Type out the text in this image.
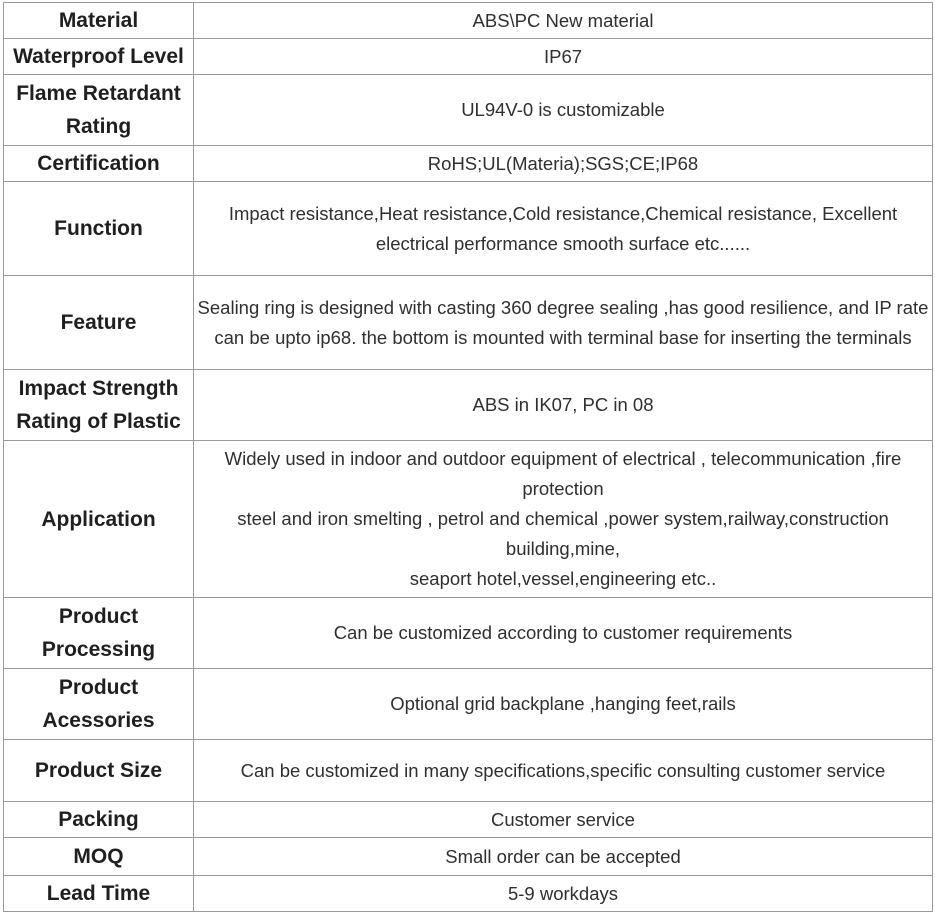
Material	ABS\PC New material

Waterproof Level	IP67

Flame Retardant Rating	UL94V-0 is customizable

Certification	RoHS;UL(Materia);SGS;CE;IP68

Function	Impact resistance,Heat resistance,Cold resistance,Chemical resistance, Excellent electrical performance smooth surface etc......

Feature	Sealing ring is designed with casting 360 degree sealing ,has good resilience, and IP rate can be upto ip68. the bottom is mounted with terminal base for inserting the terminals

Impact Strength Rating of Plastic	ABS in IK07, PC in 08

Application	Widely used in indoor and outdoor equipment of electrical , telecommunication ,fire protection
steel and iron smelting , petrol and chemical ,power system,railway,construction building,mine,
seaport hotel,vessel,engineering etc..

Product Processing	Can be customized according to customer requirements

Product Acessories	Optional grid backplane ,hanging feet,rails

Product Size	Can be customized in many specifications,specific consulting customer service

Packing	Customer service

MOQ	Small order can be accepted

Lead Time	5-9 workdays
